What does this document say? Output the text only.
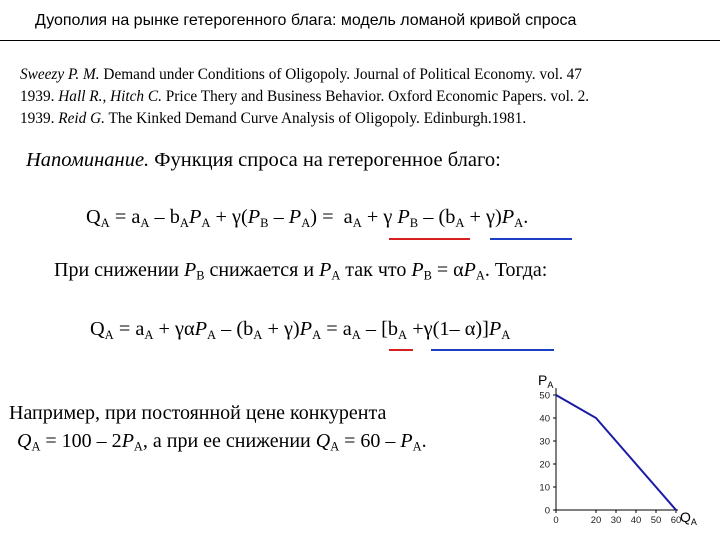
Дуополия на рынке гетерогенного блага: модель ломаной кривой спроса
Sweezy P. M. Demand under Conditions of Oligopoly. Journal of Political Economy. vol. 47
1939. Hall R., Hitch C. Price Thery and Business Behavior. Oxford Economic Papers. vol. 2.
1939. Reid G. The Kinked Demand Curve Analysis of Oligopoly. Edinburgh.1981.
Напоминание. Функция спроса на гетерогенное благо:
$Q_A = a_A - b_AP_A + \gamma(P_B - P_A) = a_A + \gamma$ $P_B - (b_A + \gamma)P_A$.
При снижении $P_B$ снижается и $P_A$ так что $P_B = \alpha P_A$. Тогда:
$Q_A = a_A + \gamma\alpha P_A - (b_A + \gamma)P_A = a_A - [b_A +\gamma(1-$ $\alpha)]P_A$
Например, при постоянной цене конкурента
$Q_A = 100 - 2P_A$, а при ее снижении $Q_A = 60 - P_A$.
0
10
20
30
40
50
0	20 30 40 50 60
$P_A$
$Q_A$
